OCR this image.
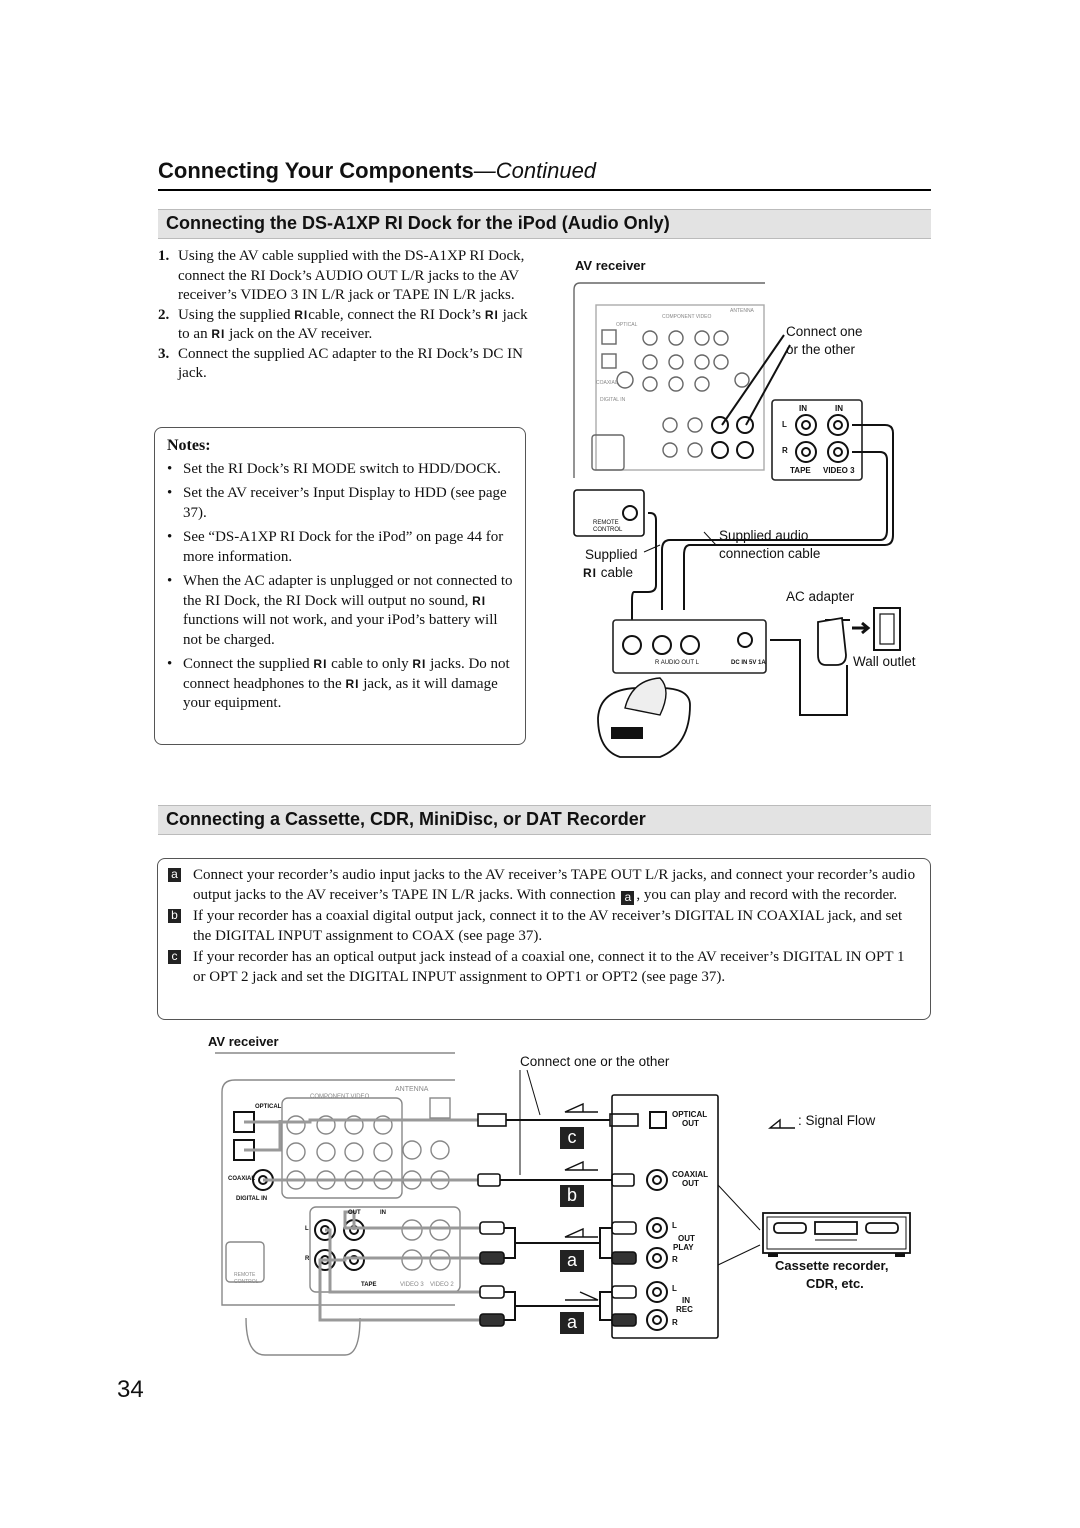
Connecting Your Components—Continued
Connecting the DS-A1XP RI Dock for the iPod (Audio Only)
1. Using the AV cable supplied with the DS-A1XP RI Dock, connect the RI Dock’s AUDIO OUT L/R jacks to the AV receiver’s VIDEO 3 IN L/R jack or TAPE IN L/R jacks.
2. Using the supplied RIcable, connect the RI Dock’s RI jack to an RI jack on the AV receiver.
3. Connect the supplied AC adapter to the RI Dock’s DC IN jack.
Notes:
• Set the RI Dock’s RI MODE switch to HDD/DOCK.
• Set the AV receiver’s Input Display to HDD (see page 37).
• See “DS-A1XP RI Dock for the iPod” on page 44 for more information.
• When the AC adapter is unplugged or not connected to the RI Dock, the RI Dock will output no sound, RI functions will not work, and your iPod’s battery will not be charged.
• Connect the supplied RI cable to only RI jacks. Do not connect headphones to the RI jack, as it will damage your equipment.
AV receiver
Connect one
or the other
Supplied audio
connection cable
Supplied
RI cable
AC adapter
Wall outlet
IN	IN
L
R
TAPE VIDEO 3
REMOTE
CONTROL
R AUDIO OUT L	DC IN 5V 1A
COMPONENT VIDEO
ANTENNA
OPTICAL
COAXIAL
DIGITAL IN
Connecting a Cassette, CDR, MiniDisc, or DAT Recorder
a Connect your recorder’s audio input jacks to the AV receiver’s TAPE OUT L/R jacks, and connect your recorder’s audio output jacks to the AV receiver’s TAPE IN L/R jacks. With connection a , you can play and record with the recorder.
b If your recorder has a coaxial digital output jack, connect it to the AV receiver’s DIGITAL IN COAXIAL jack, and set the DIGITAL INPUT assignment to COAX (see page 37).
c If your recorder has an optical output jack instead of a coaxial one, connect it to the AV receiver’s DIGITAL IN OPT 1 or OPT 2 jack and set the DIGITAL INPUT assignment to OPT1 or OPT2 (see page 37).
AV receiver
Connect one or the other
c
b
a
a
: Signal Flow
OPTICAL
OUT
COAXIAL
OUT
L
OUT
PLAY
R
L
IN
REC
R
Cassette recorder,
CDR, etc.
COMPONENT VIDEO
ANTENNA
OPTICAL
COAXIAL
DIGITAL IN
TAPE	VIDEO 3 VIDEO 2
IN
OUT
L
R
REMOTE
CONTROL
34
